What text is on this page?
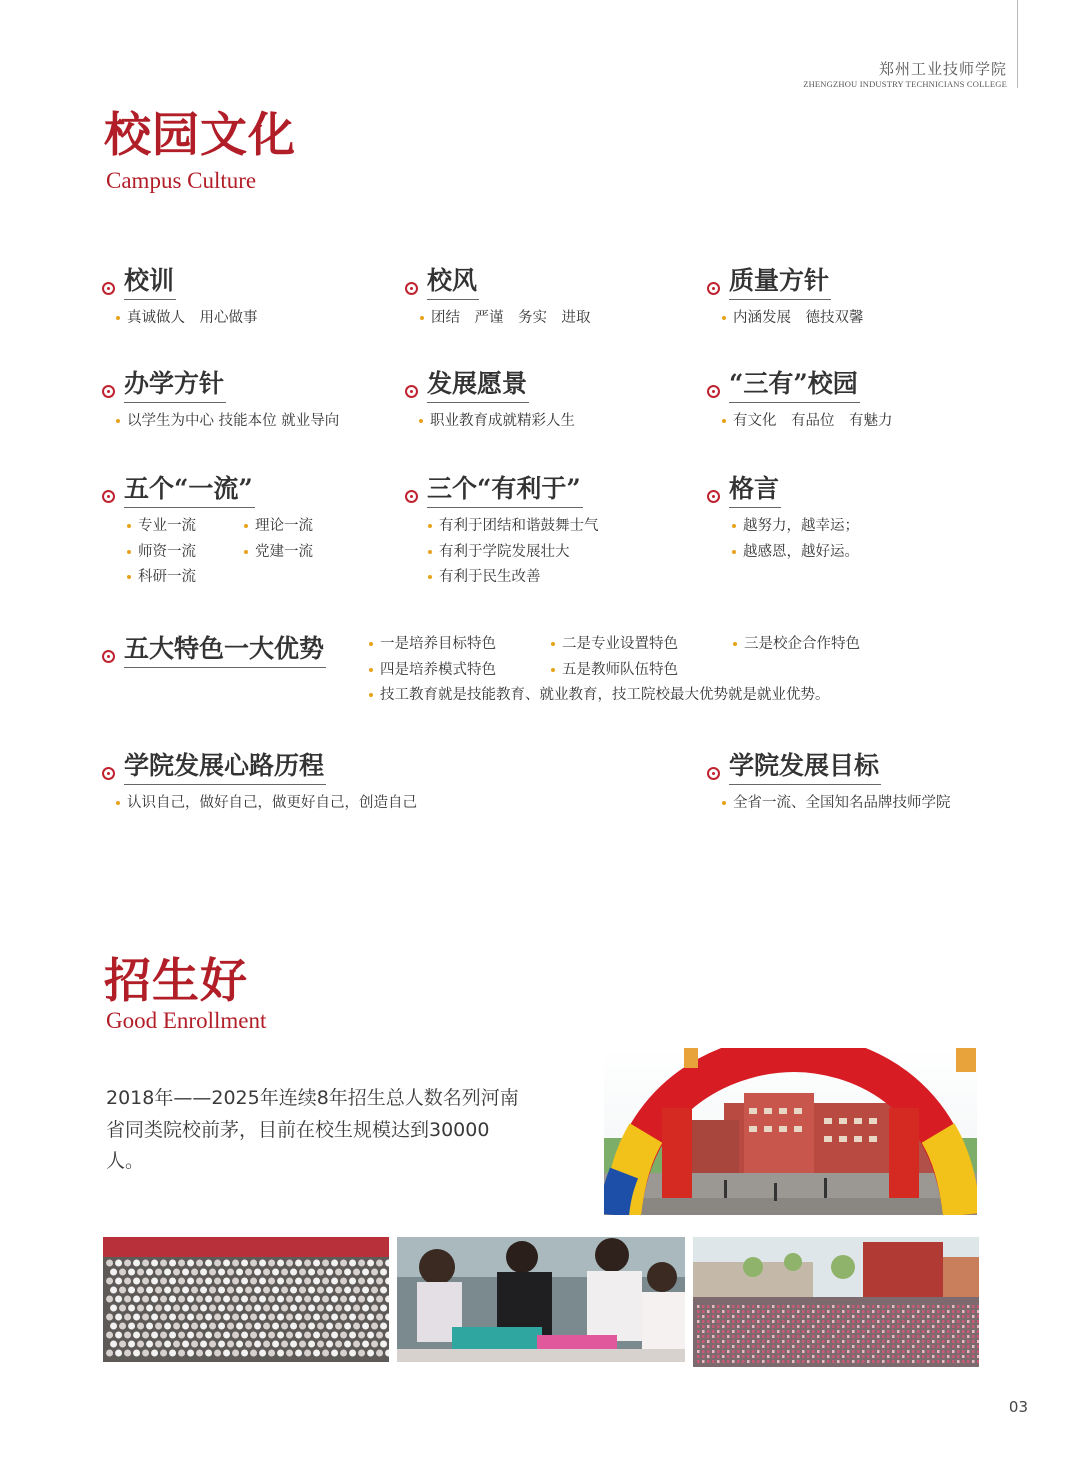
郑州工业技师学院
ZHENGZHOU INDUSTRY TECHNICIANS COLLEGE
校园文化
Campus Culture
校训
真诚做人　用心做事
校风
团结　严谨　务实　进取
质量方针
内涵发展　德技双馨
办学方针
以学生为中心 技能本位 就业导向
发展愿景
职业教育成就精彩人生
“三有”校园
有文化　有品位　有魅力
五个“一流”
专业一流	理论一流
师资一流	党建一流
科研一流
三个“有利于”
有利于团结和谐鼓舞士气
有利于学院发展壮大
有利于民生改善
格言
越努力，越幸运；
越感恩，越好运。
五大特色一大优势	一是培养目标特色	二是专业设置特色	三是校企合作特色
四是培养模式特色	五是教师队伍特色
技工教育就是技能教育、就业教育，技工院校最大优势就是就业优势。
学院发展心路历程
认识自己，做好自己，做更好自己，创造自己
学院发展目标
全省一流、全国知名品牌技师学院
招生好
Good Enrollment
2018年——2025年连续8年招生总人数名列河南省同类院校前茅，目前在校生规模达到30000人。
03
